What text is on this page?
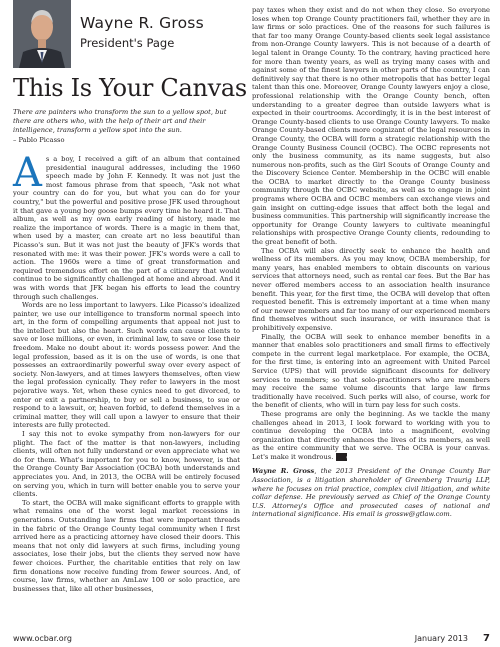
Wayne R. Gross
President's Page
This Is Your Canvas

There are painters who transform the sun to a yellow spot, but there are others who, with the help of their art and their intelligence, transform a yellow spot into the sun.

– Pablo Picasso

As a boy, I received a gift of an album that contained presidential inaugural addresses, including the 1960 speech made by John F. Kennedy. It was not just the most famous phrase from that speech, "Ask not what your country can do for you, but what you can do for your country," but the powerful and positive prose JFK used throughout it that gave a young boy goose bumps every time he heard it. That album, as well as my own early reading of history, made me realize the importance of words. There is a magic in them that, when used by a master, can create art no less beautiful than Picasso's sun. But it was not just the beauty of JFK's words that resonated with me: it was their power. JFK's words were a call to action. The 1960s were a time of great transformation and required tremendous effort on the part of a citizenry that would continue to be significantly challenged at home and abroad. And it was with words that JFK began his efforts to lead the country through such challenges.

Words are no less important to lawyers. Like Picasso's idealized painter, we use our intelligence to transform normal speech into art, in the form of compelling arguments that appeal not just to the intellect but also the heart. Such words can cause clients to save or lose millions, or even, in criminal law, to save or lose their freedom. Make no doubt about it: words possess power. And the legal profession, based as it is on the use of words, is one that possesses an extraordinarily powerful sway over every aspect of society. Non-lawyers, and at times lawyers themselves, often view the legal profession cynically. They refer to lawyers in the most pejorative ways. Yet, when these cynics need to get divorced, to enter or exit a partnership, to buy or sell a business, to sue or respond to a lawsuit, or, heaven forbid, to defend themselves in a criminal matter, they will call upon a lawyer to ensure that their interests are fully protected.

I say this not to evoke sympathy from non-lawyers for our plight. The fact of the matter is that non-lawyers, including clients, will often not fully understand or even appreciate what we do for them. What's important for you to know, however, is that the Orange County Bar Association (OCBA) both understands and appreciates you. And, in 2013, the OCBA will be entirely focused on serving you, which in turn will better enable you to serve your clients.

To start, the OCBA will make significant efforts to grapple with what remains one of the worst legal market recessions in generations. Outstanding law firms that were important threads in the fabric of the Orange County legal community when I first arrived here as a practicing attorney have closed their doors. This means that not only did lawyers at such firms, including young associates, lose their jobs, but the clients they served now have fewer choices. Further, the charitable entities that rely on law firm donations now receive funding from fewer sources. And, of course, law firms, whether an AmLaw 100 or solo practice, are businesses that, like all other businesses,

pay taxes when they exist and do not when they close. So everyone loses when top Orange County practitioners fail, whether they are in law firms or solo practices. One of the reasons for such failures is that far too many Orange County-based clients seek legal assistance from non-Orange County lawyers. This is not because of a dearth of legal talent in Orange County. To the contrary, having practiced here for more than twenty years, as well as trying many cases with and against some of the finest lawyers in other parts of the country, I can definitively say that there is no other metropolis that has better legal talent than this one. Moreover, Orange County lawyers enjoy a close, professional relationship with the Orange County bench, often understanding to a greater degree than outside lawyers what is expected in their courtrooms. Accordingly, it is in the best interest of Orange County-based clients to use Orange County lawyers. To make Orange County-based clients more cognizant of the legal resources in Orange County, the OCBA will form a strategic relationship with the Orange County Business Council (OCBC). The OCBC represents not only the business community, as its name suggests, but also numerous non-profits, such as the Girl Scouts of Orange County and the Discovery Science Center. Membership in the OCBC will enable the OCBA to market directly to the Orange County business community through the OCBC website, as well as to engage in joint programs where OCBA and OCBC members can exchange views and gain insight on cutting-edge issues that affect both the legal and business communities. This partnership will significantly increase the opportunity for Orange County lawyers to cultivate meaningful relationships with prospective Orange County clients, redounding to the great benefit of both.

The OCBA will also directly seek to enhance the health and wellness of its members. As you may know, OCBA membership, for many years, has enabled members to obtain discounts on various services that attorneys need, such as rental car fees. But the Bar has never offered members access to an association health insurance benefit. This year, for the first time, the OCBA will develop that often requested benefit. This is extremely important at a time when many of our newer members and far too many of our experienced members find themselves without such insurance, or with insurance that is prohibitively expensive.

Finally, the OCBA will seek to enhance member benefits in a manner that enables solo practitioners and small firms to effectively compete in the current legal marketplace. For example, the OCBA, for the first time, is entering into an agreement with United Parcel Service (UPS) that will provide significant discounts for delivery services to members; so that solo-practitioners who are members may receive the same volume discounts that large law firms traditionally have received. Such perks will also, of course, work for the benefit of clients, who will in turn pay less for such costs.

These programs are only the beginning. As we tackle the many challenges ahead in 2013, I look forward to working with you to continue developing the OCBA into a magnificent, evolving organization that directly enhances the lives of its members, as well as the entire community that we serve. The OCBA is your canvas. Let's make it wondrous.	OCBA

Wayne R. Gross, the 2013 President of the Orange County Bar Association, is a litigation shareholder of Greenberg Traurig LLP, where he focuses on trial practice, complex civil litigation, and white collar defense. He previously served as Chief of the Orange County U.S. Attorney's Office and prosecuted cases of national and international significance. His email is grossw@gtlaw.com.
www.ocbar.org	January 2013 7
